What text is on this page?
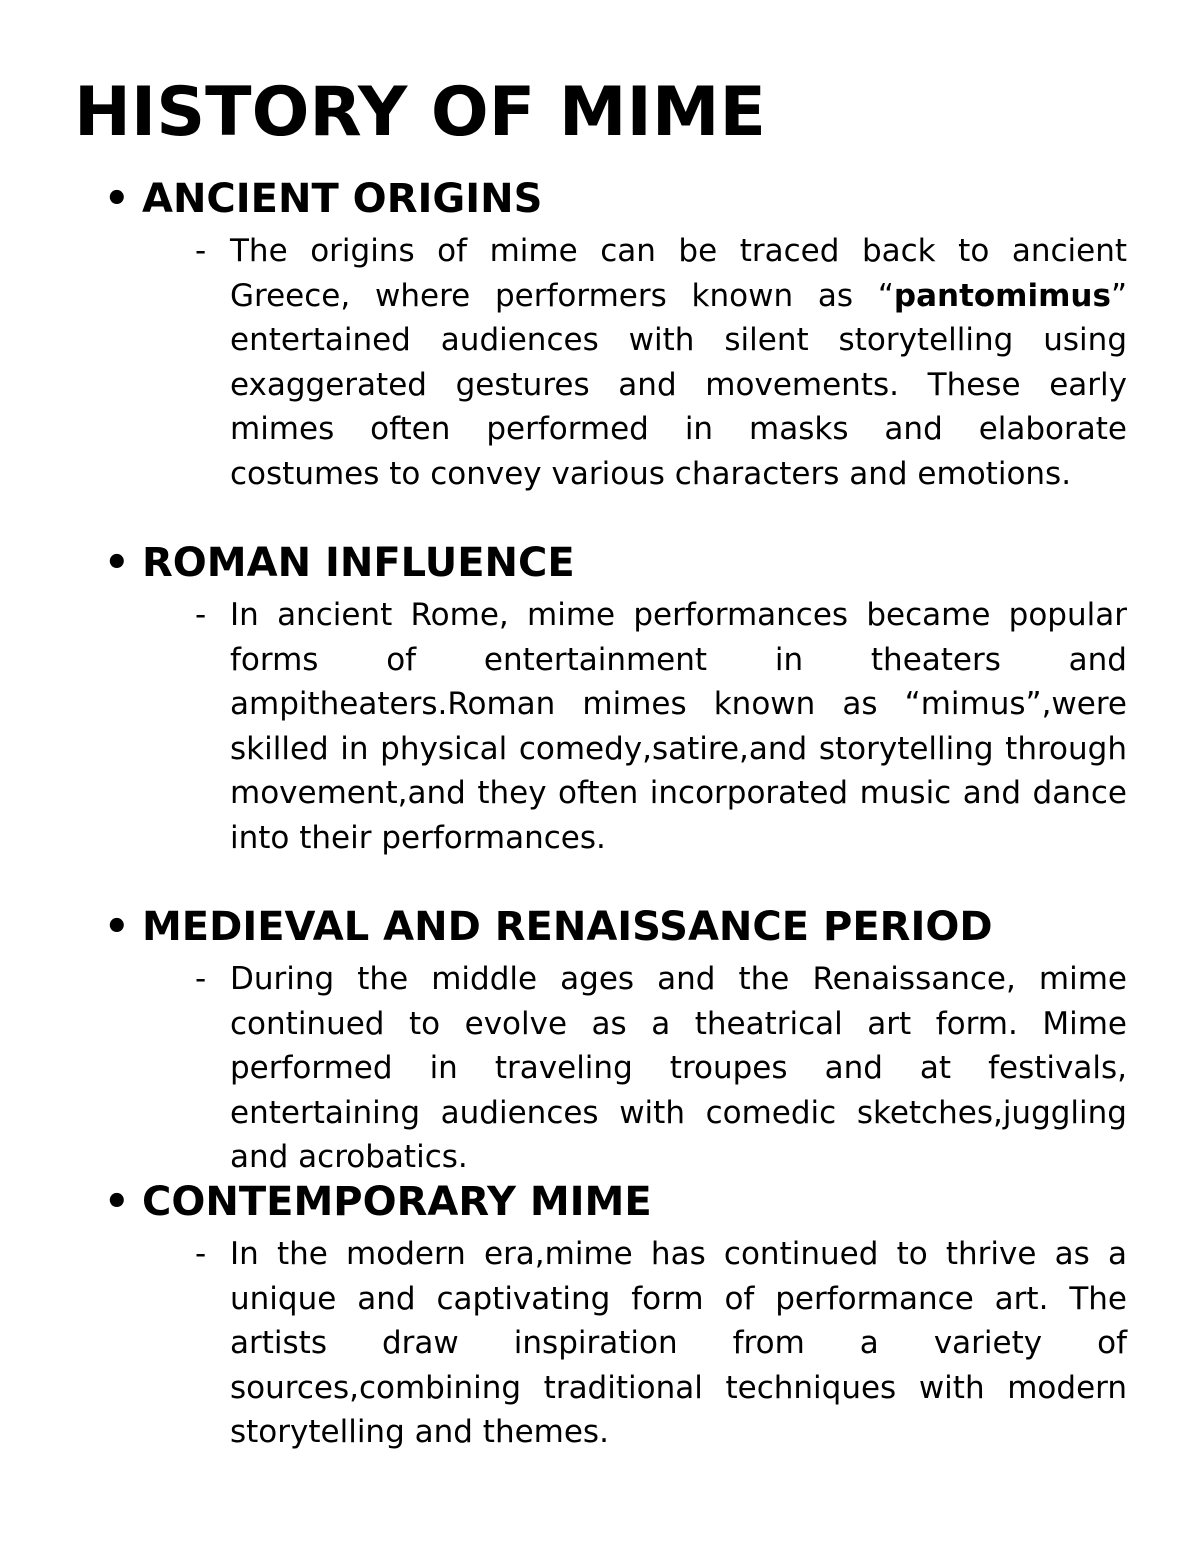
HISTORY OF MIME
• ANCIENT ORIGINS
- The origins of mime can be traced back to ancient Greece, where performers known as “pantomimus” entertained audiences with silent storytelling using exaggerated gestures and movements. These early mimes often performed in masks and elaborate costumes to convey various characters and emotions.

• ROMAN INFLUENCE
- In ancient Rome, mime performances became popular forms of entertainment in theaters and ampitheaters.Roman mimes known as “mimus”,were skilled in physical comedy,satire,and storytelling through movement,and they often incorporated music and dance into their performances.

• MEDIEVAL AND RENAISSANCE PERIOD
- During the middle ages and the Renaissance, mime continued to evolve as a theatrical art form. Mime performed in traveling troupes and at festivals, entertaining audiences with comedic sketches,juggling and acrobatics.

• CONTEMPORARY MIME
- In the modern era,mime has continued to thrive as a unique and captivating form of performance art. The artists draw inspiration from a variety of sources,combining traditional techniques with modern storytelling and themes.
